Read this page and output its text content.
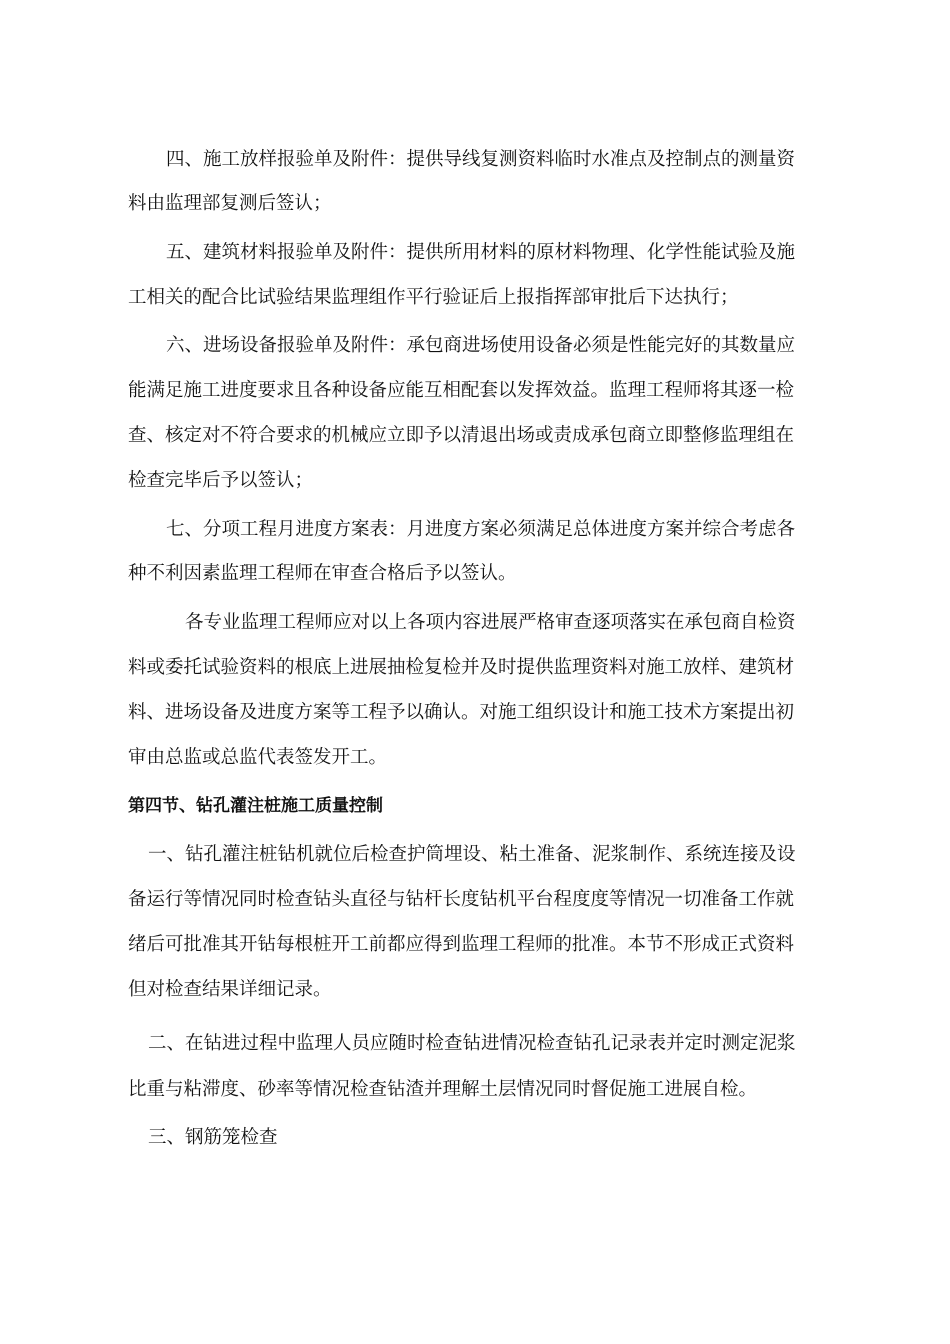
四、施工放样报验单及附件：提供导线复测资料临时水准点及控制点的测量资
料由监理部复测后签认；
五、建筑材料报验单及附件：提供所用材料的原材料物理、化学性能试验及施
工相关的配合比试验结果监理组作平行验证后上报指挥部审批后下达执行；
六、进场设备报验单及附件：承包商进场使用设备必须是性能完好的其数量应
能满足施工进度要求且各种设备应能互相配套以发挥效益。监理工程师将其逐一检
查、核定对不符合要求的机械应立即予以清退出场或责成承包商立即整修监理组在
检查完毕后予以签认；
七、分项工程月进度方案表：月进度方案必须满足总体进度方案并综合考虑各
种不利因素监理工程师在审查合格后予以签认。
各专业监理工程师应对以上各项内容进展严格审查逐项落实在承包商自检资
料或委托试验资料的根底上进展抽检复检并及时提供监理资料对施工放样、建筑材
料、进场设备及进度方案等工程予以确认。对施工组织设计和施工技术方案提出初
审由总监或总监代表签发开工。
第四节、钻孔灌注桩施工质量控制
一、钻孔灌注桩钻机就位后检查护筒埋设、粘土准备、泥浆制作、系统连接及设
备运行等情况同时检查钻头直径与钻杆长度钻机平台程度度等情况一切准备工作就
绪后可批准其开钻每根桩开工前都应得到监理工程师的批准。本节不形成正式资料
但对检查结果详细记录。
二、在钻进过程中监理人员应随时检查钻进情况检查钻孔记录表并定时测定泥浆
比重与粘滞度、砂率等情况检查钻渣并理解土层情况同时督促施工进展自检。
三、钢筋笼检查
